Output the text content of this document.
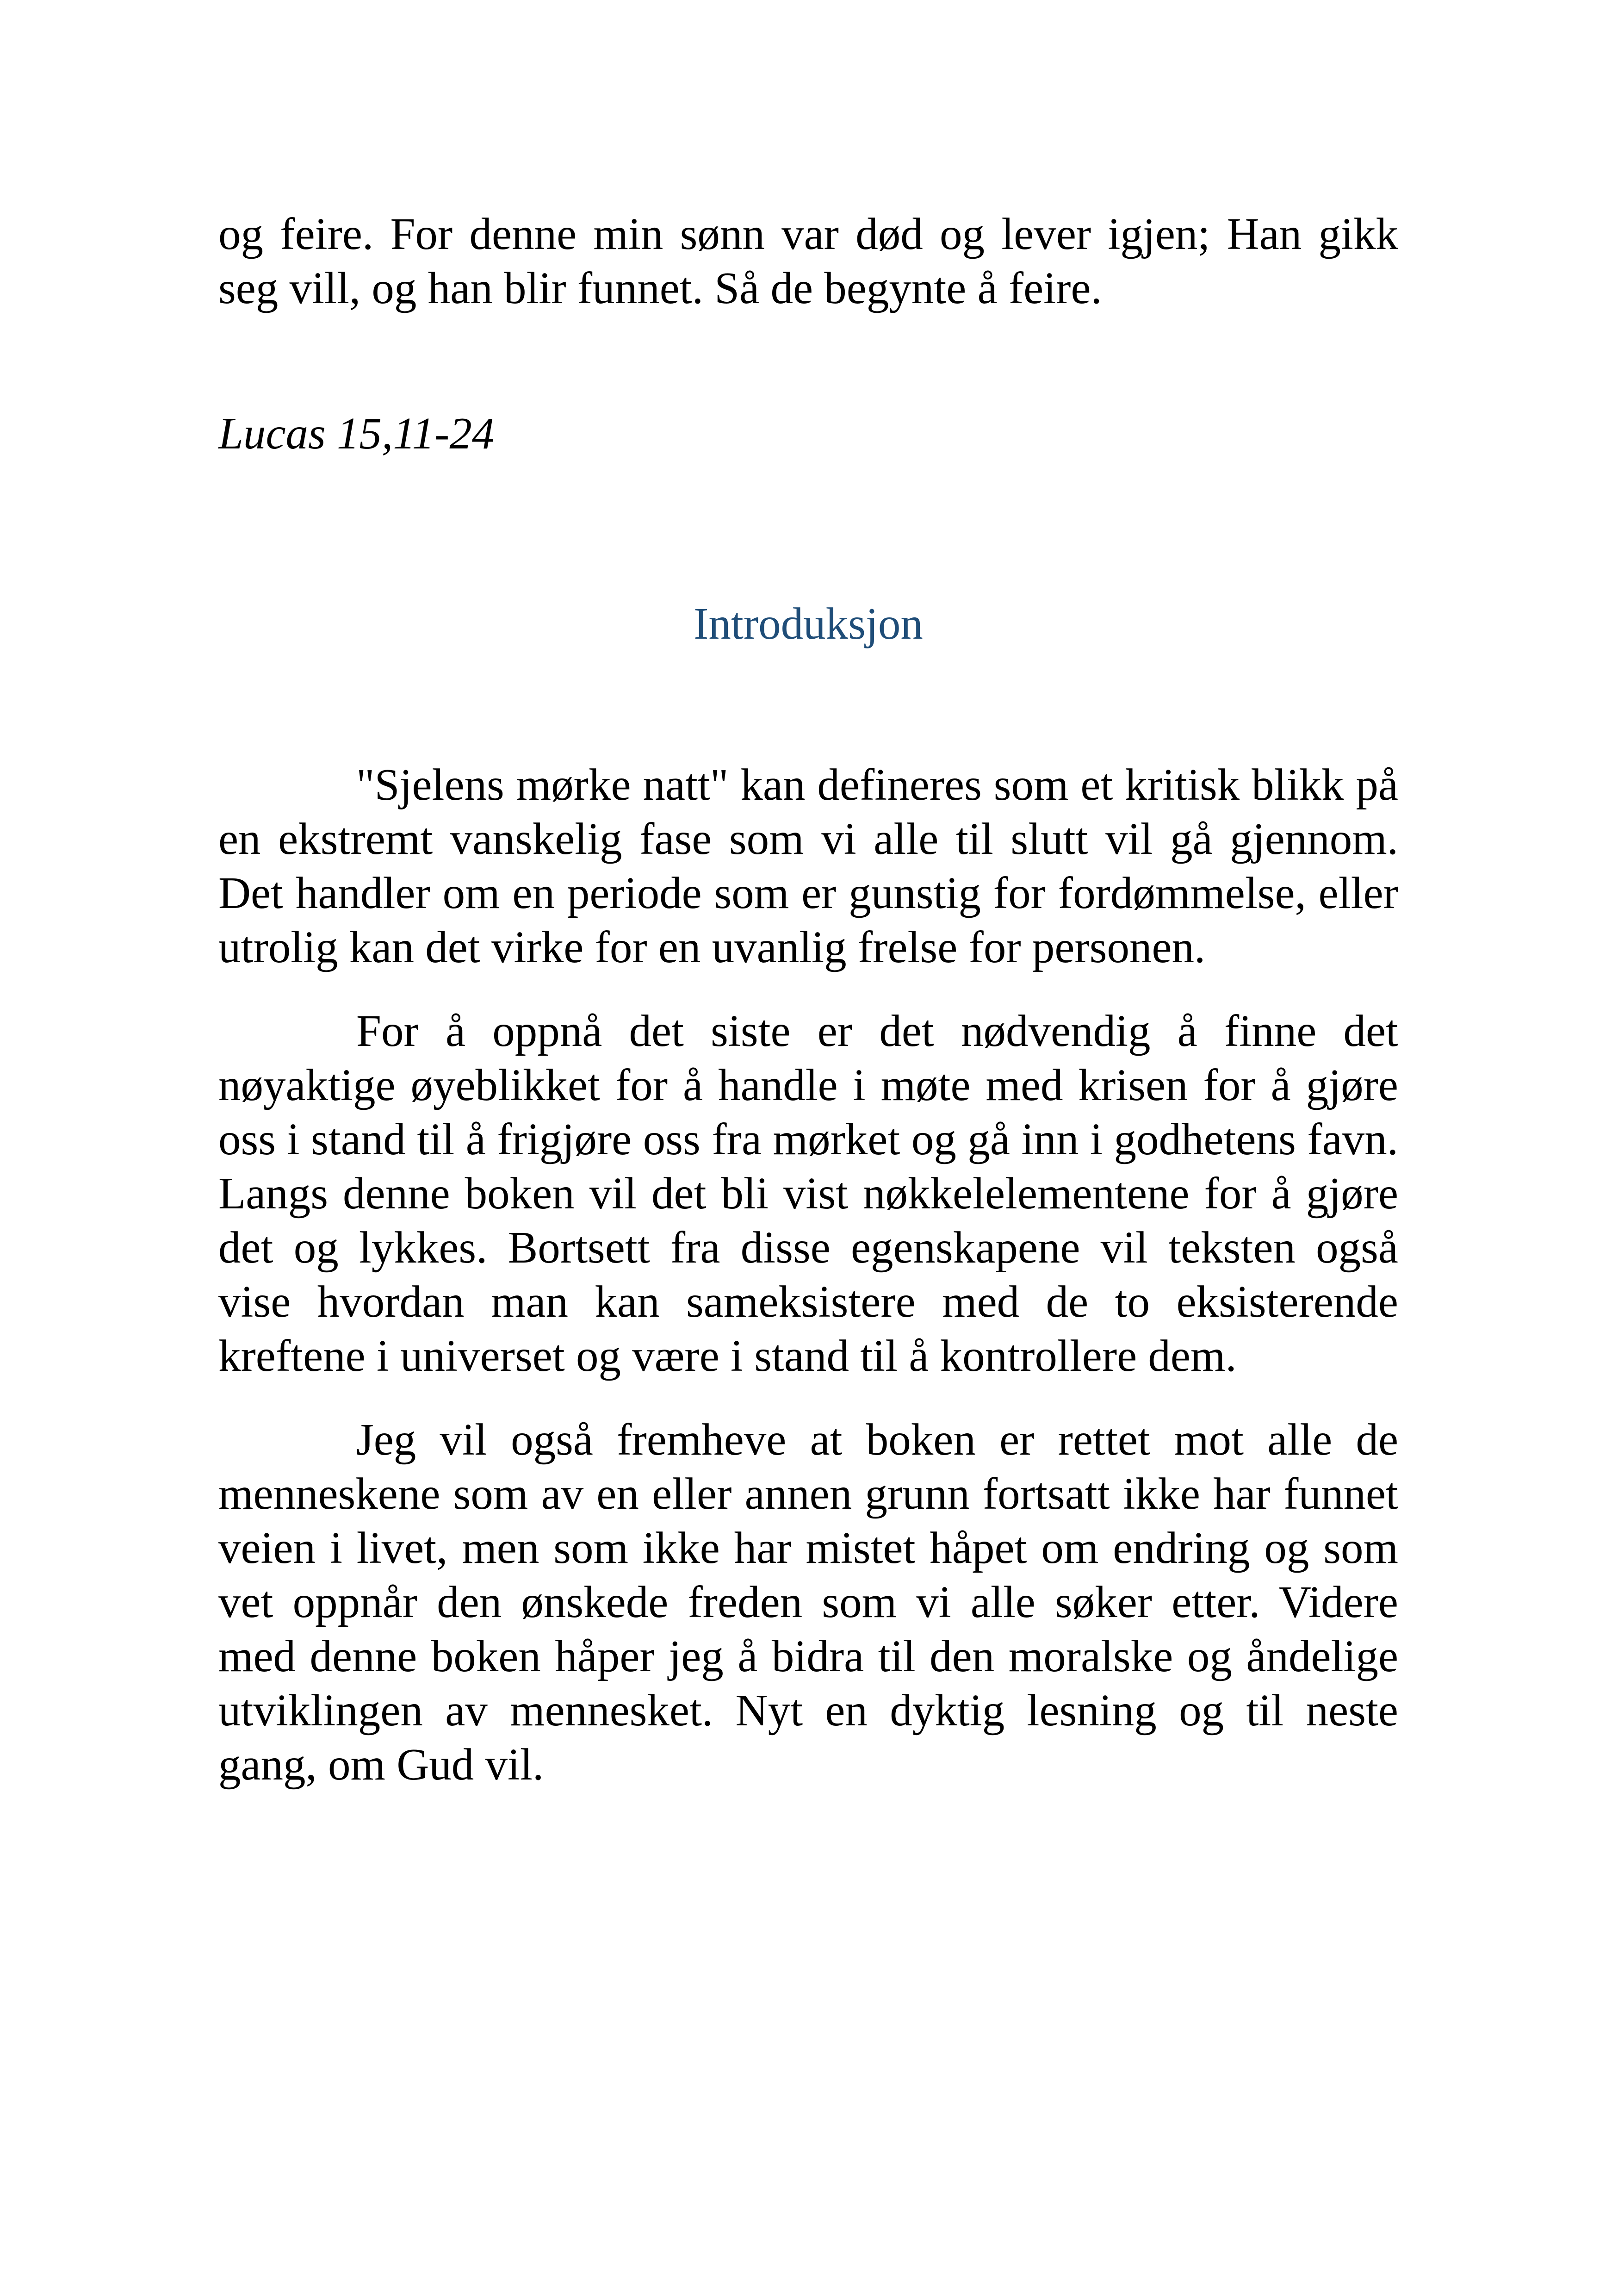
og feire. For denne min sønn var død og lever igjen; Han gikk seg vill, og han blir funnet. Så de begynte å feire.
Lucas 15,11-24
Introduksjon

"Sjelens mørke natt" kan defineres som et kritisk blikk på en ekstremt vanskelig fase som vi alle til slutt vil gå gjennom. Det handler om en periode som er gunstig for fordømmelse, eller utrolig kan det virke for en uvanlig frelse for personen.

For å oppnå det siste er det nødvendig å finne det nøyaktige øyeblikket for å handle i møte med krisen for å gjøre oss i stand til å frigjøre oss fra mørket og gå inn i godhetens favn. Langs denne boken vil det bli vist nøkkelelementene for å gjøre det og lykkes. Bortsett fra disse egenskapene vil teksten også vise hvordan man kan sameksistere med de to eksisterende kreftene i universet og være i stand til å kontrollere dem.

Jeg vil også fremheve at boken er rettet mot alle de menneskene som av en eller annen grunn fortsatt ikke har funnet veien i livet, men som ikke har mistet håpet om endring og som vet oppnår den ønskede freden som vi alle søker etter. Videre med denne boken håper jeg å bidra til den moralske og åndelige utviklingen av mennesket. Nyt en dyktig lesning og til neste gang, om Gud vil.
